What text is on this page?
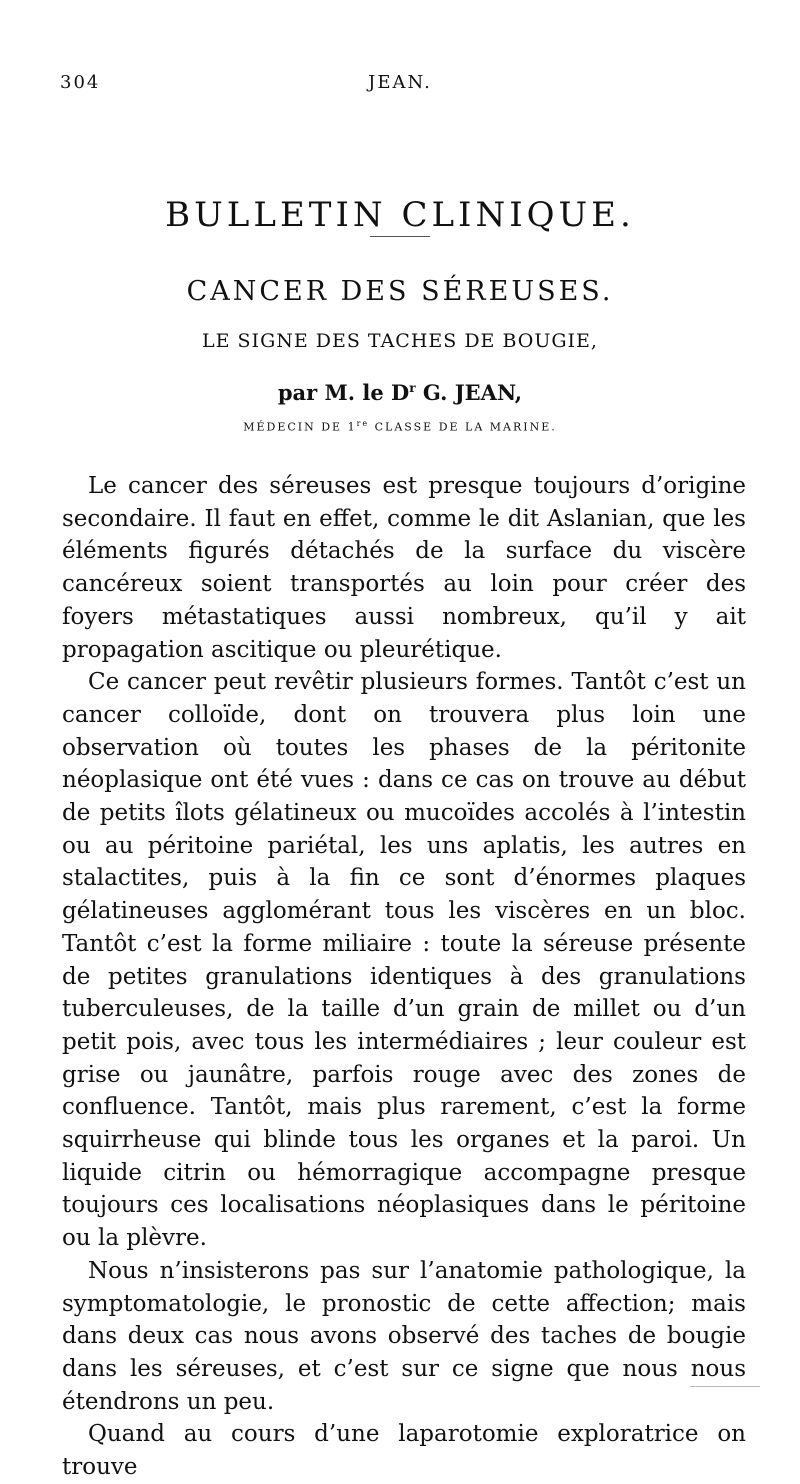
304	JEAN.
BULLETIN CLINIQUE.
CANCER DES SÉREUSES.
LE SIGNE DES TACHES DE BOUGIE,
par M. le $D^r$ G. JEAN,
MÉDECIN DE 1re CLASSE DE LA MARINE.

Le cancer des séreuses est presque toujours d’origine secondaire. Il faut en effet, comme le dit Aslanian, que les éléments figurés détachés de la surface du viscère cancéreux soient transportés au loin pour créer des foyers métastatiques aussi nombreux, qu’il y ait propagation ascitique ou pleurétique.

Ce cancer peut revêtir plusieurs formes. Tantôt c’est un cancer colloïde, dont on trouvera plus loin une observation où toutes les phases de la péritonite néoplasique ont été vues : dans ce cas on trouve au début de petits îlots gélatineux ou mucoïdes accolés à l’intestin ou au péritoine pariétal, les uns aplatis, les autres en stalactites, puis à la fin ce sont d’énormes plaques gélatineuses agglomérant tous les viscères en un bloc. Tantôt c’est la forme miliaire : toute la séreuse présente de petites granulations identiques à des granulations tuberculeuses, de la taille d’un grain de millet ou d’un petit pois, avec tous les intermédiaires ; leur couleur est grise ou jaunâtre, parfois rouge avec des zones de confluence. Tantôt, mais plus rarement, c’est la forme squirrheuse qui blinde tous les organes et la paroi. Un liquide citrin ou hémorragique accompagne presque toujours ces localisations néoplasiques dans le péritoine ou la plèvre.

Nous n’insisterons pas sur l’anatomie pathologique, la symptomatologie, le pronostic de cette affection; mais dans deux cas nous avons observé des taches de bougie dans les séreuses, et c’est sur ce signe que nous nous étendrons un peu.

Quand au cours d’une laparotomie exploratrice on trouve
